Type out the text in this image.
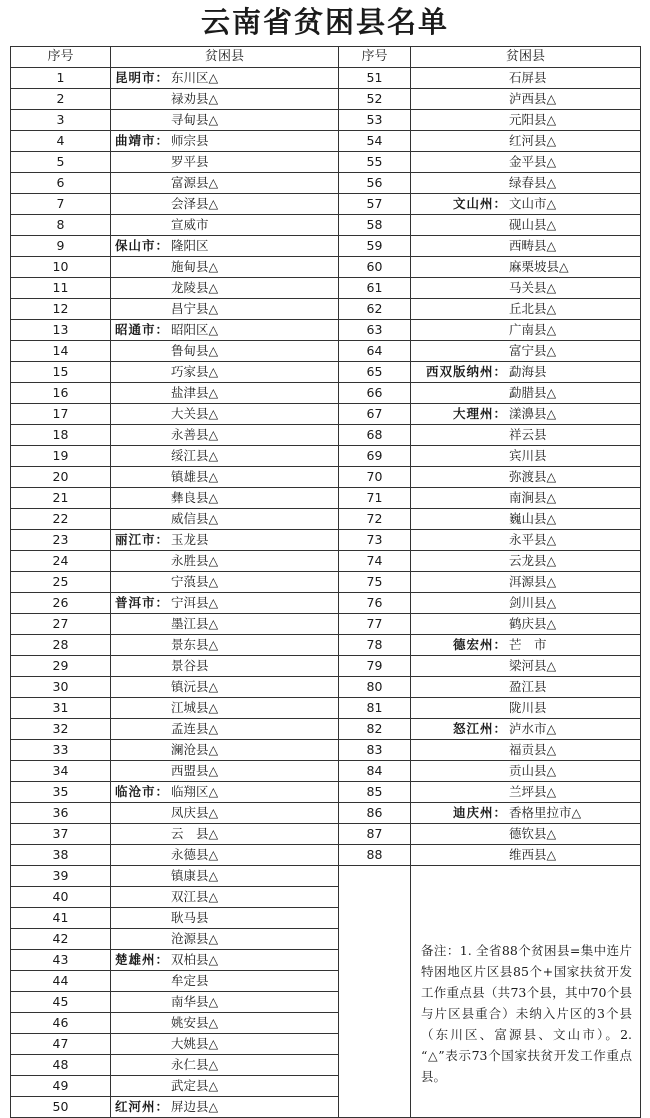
云南省贫困县名单
序号	贫困县	序号	贫困县
1	昆明市： 东川区△	51	石屏县

2	禄劝县△	52	泸西县△

3	寻甸县△	53	元阳县△

4	曲靖市： 师宗县	54	红河县△

5	罗平县	55	金平县△

6	富源县△	56	绿春县△

7	会泽县△	57	文山州： 文山市△

8	宣威市	58	砚山县△

9	保山市： 隆阳区	59	西畴县△

10	施甸县△	60	麻栗坡县△

11	龙陵县△	61	马关县△

12	昌宁县△	62	丘北县△

13	昭通市： 昭阳区△	63	广南县△

14	鲁甸县△	64	富宁县△

15	巧家县△	65	西双版纳州： 勐海县

16	盐津县△	66	勐腊县△

17	大关县△	67	大理州： 漾濞县△

18	永善县△	68	祥云县

19	绥江县△	69	宾川县

20	镇雄县△	70	弥渡县△

21	彝良县△	71	南涧县△

22	威信县△	72	巍山县△

23	丽江市： 玉龙县	73	永平县△

24	永胜县△	74	云龙县△

25	宁蒗县△	75	洱源县△

26	普洱市： 宁洱县△	76	剑川县△

27	墨江县△	77	鹤庆县△

28	景东县△	78	德宏州： 芒　市

29	景谷县	79	梁河县△

30	镇沅县△	80	盈江县

31	江城县△	81	陇川县

32	孟连县△	82	怒江州： 泸水市△

33	澜沧县△	83	福贡县△

34	西盟县△	84	贡山县△

35	临沧市： 临翔区△	85	兰坪县△

36	凤庆县△	86	迪庆州： 香格里拉市△

37	云　县△	87	德钦县△

38	永德县△	88	维西县△

39	镇康县△		备注：1. 全省88个贫困县=集中连片特困地区片区县85个+国家扶贫开发工作重点县（共73个县，其中70个县与片区县重合）未纳入片区的3个县（东川区、富源县、文山市）。2. “△”表示73个国家扶贫开发工作重点县。
40	双江县△		

41	耿马县		

42	沧源县△		

43	楚雄州： 双柏县△		

44	牟定县		

45	南华县△		

46	姚安县△		

47	大姚县△		

48	永仁县△		

49	武定县△		

50	红河州： 屏边县△		
